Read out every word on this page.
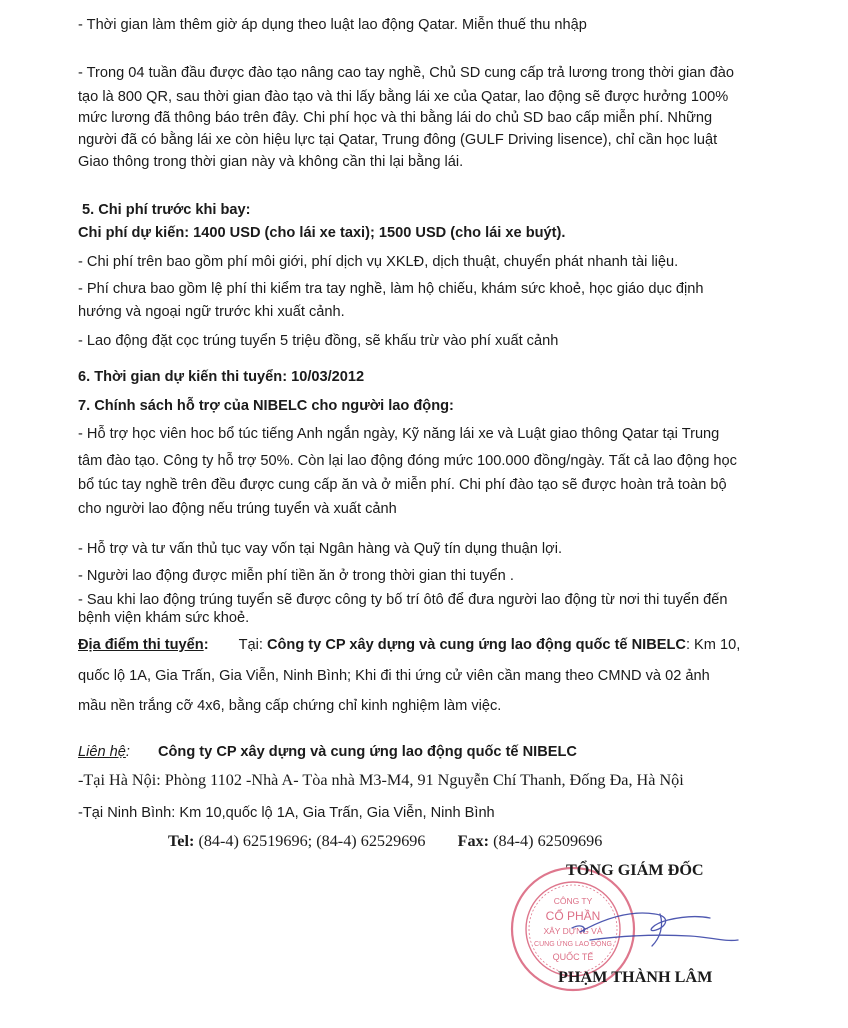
- Thời gian làm thêm giờ áp dụng theo luật lao động Qatar. Miễn thuế thu nhập
- Trong 04 tuần đầu được đào tạo nâng cao tay nghề, Chủ SD cung cấp trả lương trong thời gian đào
tạo là 800 QR, sau thời gian đào tạo và thi lấy bằng lái xe của Qatar, lao động sẽ được hưởng 100%
mức lương đã thông báo trên đây. Chi phí học và thi bằng lái do chủ SD bao cấp miễn phí. Những
người đã có bằng lái xe còn hiệu lực tại Qatar, Trung đông (GULF Driving lisence), chỉ cần học luật
Giao thông trong thời gian này và không cần thi lại bằng lái.
5. Chi phí trước khi bay:
Chi phí dự kiến: 1400 USD (cho lái xe taxi); 1500 USD (cho lái xe buýt).
- Chi phí trên bao gồm phí môi giới, phí dịch vụ XKLĐ, dịch thuật, chuyển phát nhanh tài liệu.
- Phí chưa bao gồm lệ phí thi kiểm tra tay nghề, làm hộ chiếu, khám sức khoẻ, học giáo dục định
hướng và ngoại ngữ trước khi xuất cảnh.
- Lao động đặt cọc trúng tuyển 5 triệu đồng, sẽ khấu trừ vào phí xuất cảnh
6. Thời gian dự kiến thi tuyển: 10/03/2012
7. Chính sách hỗ trợ của NIBELC cho người lao động:
- Hỗ trợ học viên hoc bổ túc tiếng Anh ngắn ngày, Kỹ năng lái xe và Luật giao thông Qatar tại Trung
tâm đào tạo. Công ty hỗ trợ 50%. Còn lại lao động đóng mức 100.000 đồng/ngày. Tất cả lao động học
bổ túc tay nghề trên đều được cung cấp ăn và ở miễn phí. Chi phí đào tạo sẽ được hoàn trả toàn bộ
cho người lao động nếu trúng tuyển và xuất cảnh
- Hỗ trợ và tư vấn thủ tục vay vốn tại Ngân hàng và Quỹ tín dụng thuận lợi.
- Người lao động được miễn phí tiền ăn ở trong thời gian thi tuyển .
- Sau khi lao động trúng tuyển sẽ được công ty bố trí ôtô để đưa người lao động từ nơi thi tuyển đến
bệnh viện khám sức khoẻ.
Địa điểm thi tuyển: Tại: Công ty CP xây dựng và cung ứng lao động quốc tế NIBELC: Km 10,
quốc lộ 1A, Gia Trấn, Gia Viễn, Ninh Bình; Khi đi thi ứng cử viên cần mang theo CMND và 02 ảnh
mầu nền trắng cỡ 4x6, bằng cấp chứng chỉ kinh nghiệm làm việc.
Liên hệ: Công ty CP xây dựng và cung ứng lao động quốc tế NIBELC
-Tại Hà Nội: Phòng 1102 -Nhà A- Tòa nhà M3-M4, 91 Nguyễn Chí Thanh, Đống Đa, Hà Nội
-Tại Ninh Bình: Km 10,quốc lộ 1A, Gia Trấn, Gia Viễn, Ninh Bình
Tel: (84-4) 62519696; (84-4) 62529696 Fax: (84-4) 62509696
CÔNG TY
CỔ PHẦN
XÂY DỰNG VÀ
CUNG ỨNG LAO ĐỘNG
QUỐC TẾ
TỔNG GIÁM ĐỐC
PHẠM THÀNH LÂM
